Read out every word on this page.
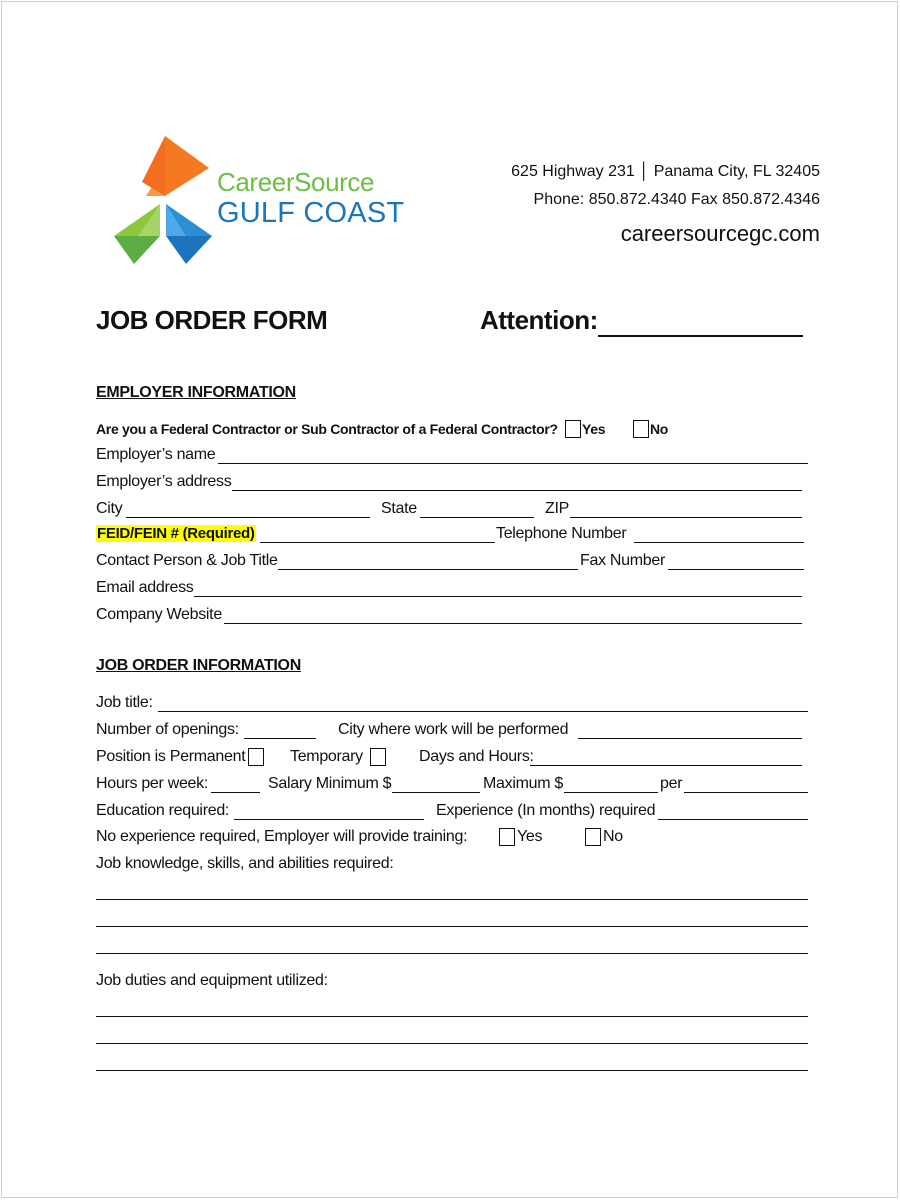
CareerSource
GULF COAST
625 Highway 231 │ Panama City, FL 32405
Phone: 850.872.4340 Fax 850.872.4346
careersourcegc.com
JOB ORDER FORM	Attention:
EMPLOYER INFORMATION
Are you a Federal Contractor or Sub Contractor of a Federal Contractor? Yes	No
Employer’s name
Employer’s address
City	State	ZIP
FEID/FEIN # (Required)	Telephone Number
Contact Person & Job Title	Fax Number
Email address
Company Website
JOB ORDER INFORMATION
Job title:
Number of openings:	City where work will be performed
Position is Permanent	Temporary	Days and Hours:
Hours per week:	Salary Minimum $	Maximum $	per
Education required:	Experience (In months) required
No experience required, Employer will provide training:	Yes	No
Job knowledge, skills, and abilities required:
Job duties and equipment utilized:
